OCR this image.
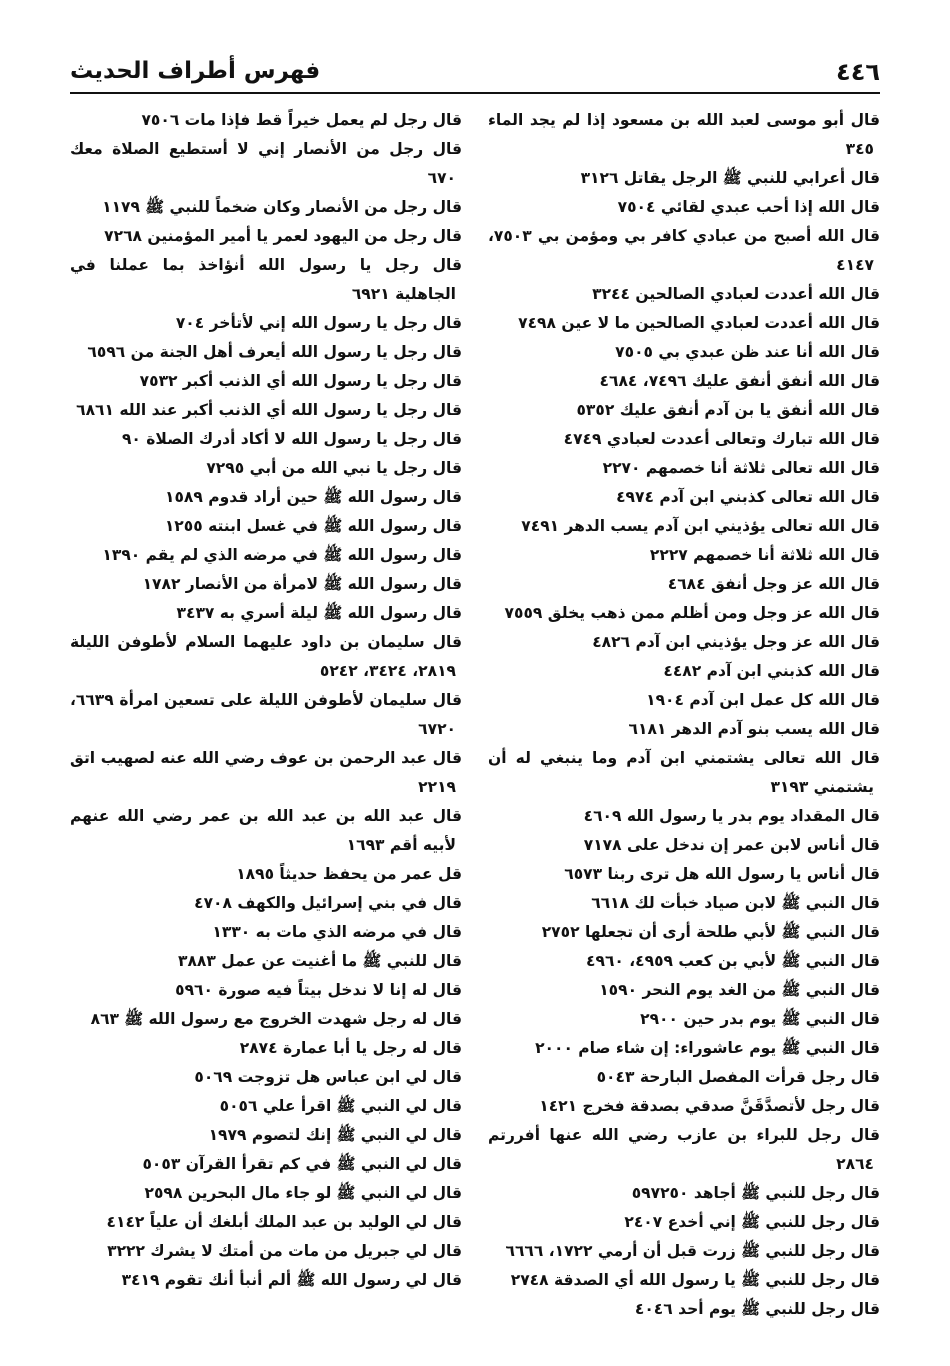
٤٤٦
فهرس أطراف الحديث
قال أبو موسى لعبد الله بن مسعود إذا لم يجد الماء ٣٤٥
قال أعرابي للنبي ﷺ الرجل يقاتل ٣١٢٦
قال الله إذا أحب عبدي لقائي ٧٥٠٤
قال الله أصبح من عبادي كافر بي ومؤمن بي ٧٥٠٣، ٤١٤٧
قال الله أعددت لعبادي الصالحين ٣٢٤٤
قال الله أعددت لعبادي الصالحين ما لا عين ٧٤٩٨
قال الله أنا عند ظن عبدي بي ٧٥٠٥
قال الله أنفق أنفق عليك ٧٤٩٦، ٤٦٨٤
قال الله أنفق يا بن آدم أنفق عليك ٥٣٥٢
قال الله تبارك وتعالى أعددت لعبادي ٤٧٤٩
قال الله تعالى ثلاثة أنا خصمهم ٢٢٧٠
قال الله تعالى كذبني ابن آدم ٤٩٧٤
قال الله تعالى يؤذيني ابن آدم يسب الدهر ٧٤٩١
قال الله ثلاثة أنا خصمهم ٢٢٢٧
قال الله عز وجل أنفق ٤٦٨٤
قال الله عز وجل ومن أظلم ممن ذهب يخلق ٧٥٥٩
قال الله عز وجل يؤذيني ابن آدم ٤٨٢٦
قال الله كذبني ابن آدم ٤٤٨٢
قال الله كل عمل ابن آدم ١٩٠٤
قال الله يسب بنو آدم الدهر ٦١٨١
قال الله تعالى يشتمني ابن آدم وما ينبغي له أن يشتمني ٣١٩٣
قال المقداد يوم بدر يا رسول الله ٤٦٠٩
قال أناس لابن عمر إن ندخل على ٧١٧٨
قال أناس يا رسول الله هل ترى ربنا ٦٥٧٣
قال النبي ﷺ لابن صياد خبأت لك ٦٦١٨
قال النبي ﷺ لأبي طلحة أرى أن تجعلها ٢٧٥٢
قال النبي ﷺ لأبي بن كعب ٤٩٥٩، ٤٩٦٠
قال النبي ﷺ من الغد يوم النحر ١٥٩٠
قال النبي ﷺ يوم بدر حين ٢٩٠٠
قال النبي ﷺ يوم عاشوراء: إن شاء صام ٢٠٠٠
قال رجل قرأت المفصل البارحة ٥٠٤٣
قال رجل لأتصدَّقَنَّ صدقي بصدقة فخرج ١٤٢١
قال رجل للبراء بن عازب رضي الله عنها أفررتم ٢٨٦٤
قال رجل للنبي ﷺ أجاهد ٥٩٧٢٥٠
قال رجل للنبي ﷺ إني أخدع ٢٤٠٧
قال رجل للنبي ﷺ زرت قبل أن أرمي ١٧٢٢، ٦٦٦٦
قال رجل للنبي ﷺ يا رسول الله أي الصدقة ٢٧٤٨
قال رجل للنبي ﷺ يوم أحد ٤٠٤٦
قال رجل لم يعمل خيراً قط فإذا مات ٧٥٠٦
قال رجل من الأنصار إني لا أستطيع الصلاة معك ٦٧٠
قال رجل من الأنصار وكان ضخماً للنبي ﷺ ١١٧٩
قال رجل من اليهود لعمر يا أمير المؤمنين ٧٢٦٨
قال رجل يا رسول الله أنؤاخذ بما عملنا في الجاهلية ٦٩٢١
قال رجل يا رسول الله إني لأتأخر ٧٠٤
قال رجل يا رسول الله أيعرف أهل الجنة من ٦٥٩٦
قال رجل يا رسول الله أي الذنب أكبر ٧٥٣٢
قال رجل يا رسول الله أي الذنب أكبر عند الله ٦٨٦١
قال رجل يا رسول الله لا أكاد أدرك الصلاة ٩٠
قال رجل يا نبي الله من أبي ٧٢٩٥
قال رسول الله ﷺ حين أراد قدوم ١٥٨٩
قال رسول الله ﷺ في غسل ابنته ١٢٥٥
قال رسول الله ﷺ في مرضه الذي لم يقم ١٣٩٠
قال رسول الله ﷺ لامرأة من الأنصار ١٧٨٢
قال رسول الله ﷺ ليلة أسري به ٣٤٣٧
قال سليمان بن داود عليهما السلام لأطوفن الليلة ٢٨١٩، ٣٤٢٤، ٥٢٤٢
قال سليمان لأطوفن الليلة على تسعين امرأة ٦٦٣٩، ٦٧٢٠
قال عبد الرحمن بن عوف رضي الله عنه لصهيب اتق ٢٢١٩
قال عبد الله بن عبد الله بن عمر رضي الله عنهم لأبيه أقم ١٦٩٣
قل عمر من يحفظ حديثاً ١٨٩٥
قال في بني إسرائيل والكهف ٤٧٠٨
قال في مرضه الذي مات به ١٣٣٠
قال للنبي ﷺ ما أغنيت عن عمل ٣٨٨٣
قال له إنا لا ندخل بيتاً فيه صورة ٥٩٦٠
قال له رجل شهدت الخروج مع رسول الله ﷺ ٨٦٣
قال له رجل يا أبا عمارة ٢٨٧٤
قال لي ابن عباس هل تزوجت ٥٠٦٩
قال لي النبي ﷺ اقرأ علي ٥٠٥٦
قال لي النبي ﷺ إنك لتصوم ١٩٧٩
قال لي النبي ﷺ في كم تقرأ القرآن ٥٠٥٣
قال لي النبي ﷺ لو جاء مال البحرين ٢٥٩٨
قال لي الوليد بن عبد الملك أبلغك أن علياً ٤١٤٢
قال لي جبريل من مات من أمتك لا يشرك ٣٢٢٢
قال لي رسول الله ﷺ ألم أنبأ أنك تقوم ٣٤١٩
